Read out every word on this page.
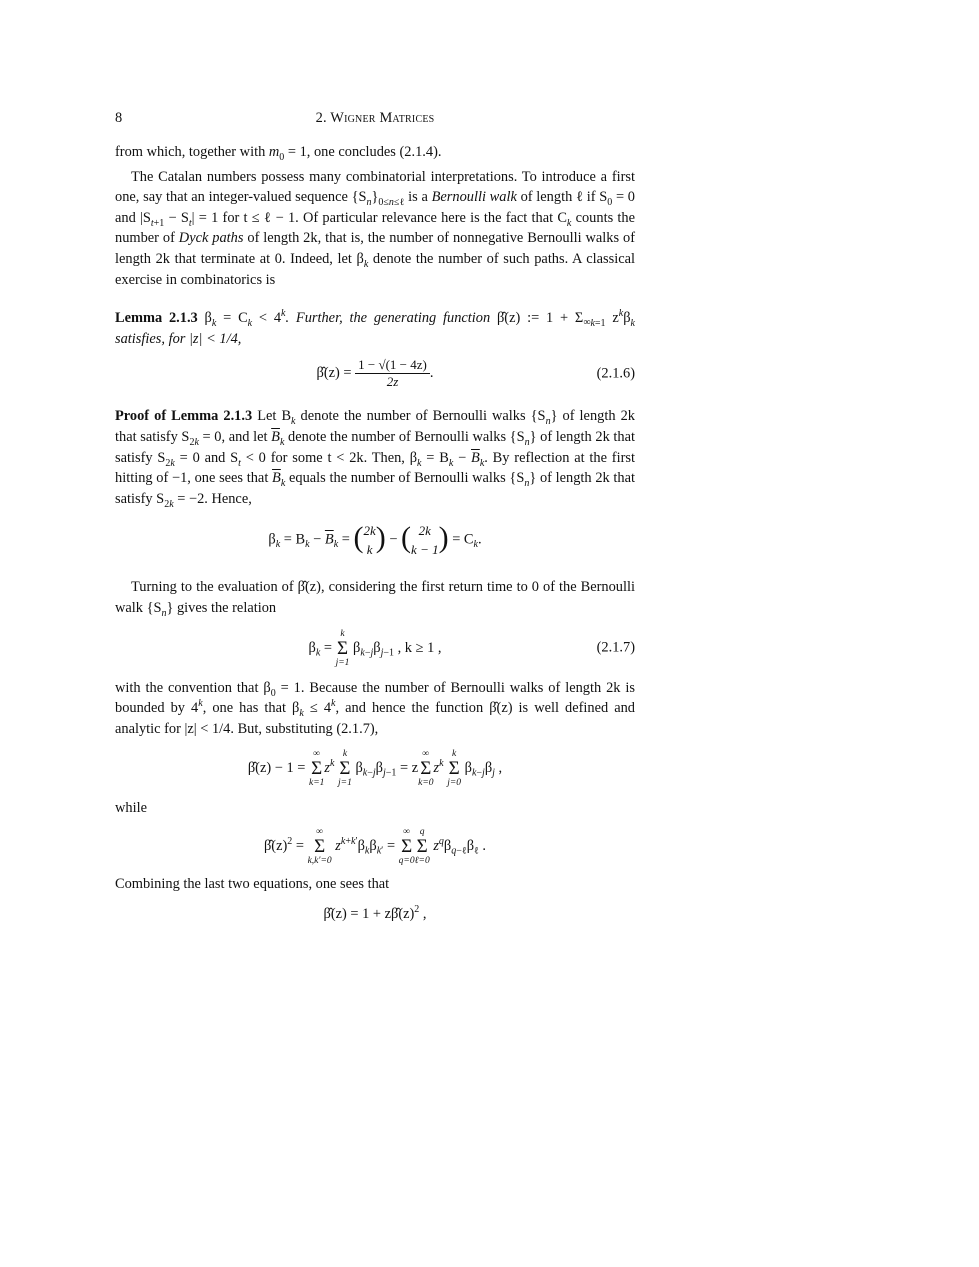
8	2. Wigner Matrices

from which, together with $m_0 = 1$, one concludes (2.1.4).

The Catalan numbers possess many combinatorial interpretations. To introduce a first one, say that an integer-valued sequence $\{S_n\}_{0\le n\le\ell}$ is a Bernoulli walk of length ℓ if $S_0 = 0$ and $|S_{t+1} - S_t| = 1$ for t ≤ ℓ − 1. Of particular relevance here is the fact that $C_k$ counts the number of Dyck paths of length 2k, that is, the number of nonnegative Bernoulli walks of length 2k that terminate at 0. Indeed, let $\beta_k$ denote the number of such paths. A classical exercise in combinatorics is

Lemma 2.1.3 $\beta_k = C_k < 4^k$. Further, the generating function β̂(z) := $1 + \Sigma_{\infty k=1}$ $z^k\beta_k$ satisfies, for |z| < 1/4,

β̂(z) = $\frac{1 - √(1 - 4z)}{2z}$ .	(2.1.6)

Proof of Lemma 2.1.3 Let $B_k$ denote the number of Bernoulli walks $\{S_n\}$ of length 2k that satisfy $S_{2k} = 0$, and let $\overline{B}_k$ denote the number of Bernoulli walks $\{S_n\}$ of length 2k that satisfy $S_{2k} = 0$ and $S_t < 0$ for some t < 2k. Then, $\beta_k = B_k - \overline{B}_k$. By reflection at the first hitting of −1, one sees that $\overline{B}_k$ equals the number of Bernoulli walks $\{S_n\}$ of length 2k that satisfy $S_{2k} = -2$. Hence,

$\beta_k = B_k - \overline{B}_k$ = ( 2k
k ) − ( 2k
k − 1 ) = $C_k$.

Turning to the evaluation of β̂(z), considering the first return time to 0 of the Bernoulli walk $\{S_n\}$ gives the relation

$\beta_k$ =
k
Σ
j=1
$\beta_{k-j}\beta_{j-1}$ , k ≥ 1 ,	(2.1.7)

with the convention that $\beta_0 = 1$. Because the number of Bernoulli walks of length 2k is bounded by 4$^k$, one has that $\beta_k \le 4^k$, and hence the function β̂(z) is well defined and analytic for |z| < 1/4. But, substituting (2.1.7),

β̂(z) − 1 =
∞
Σ
k=1
$z^k$
k
Σ
j=1
$\beta_{k-j}\beta_{j-1} = z$
∞
Σ
k=0
$z^k$
k
Σ
j=0
$\beta_{k-j}\beta_j$ ,

while

$\betâ(z)^2$ =
∞
Σ
k,k′=0
$z^{k+k'}\beta_k\beta_{k'}$ =
∞
Σ
q=0
q
Σ
ℓ=0
$z^q\beta_{q-\ell}\beta_\ell$ .

Combining the last two equations, one sees that

β̂(z) = $1 + z\betâ(z)^2$ ,
